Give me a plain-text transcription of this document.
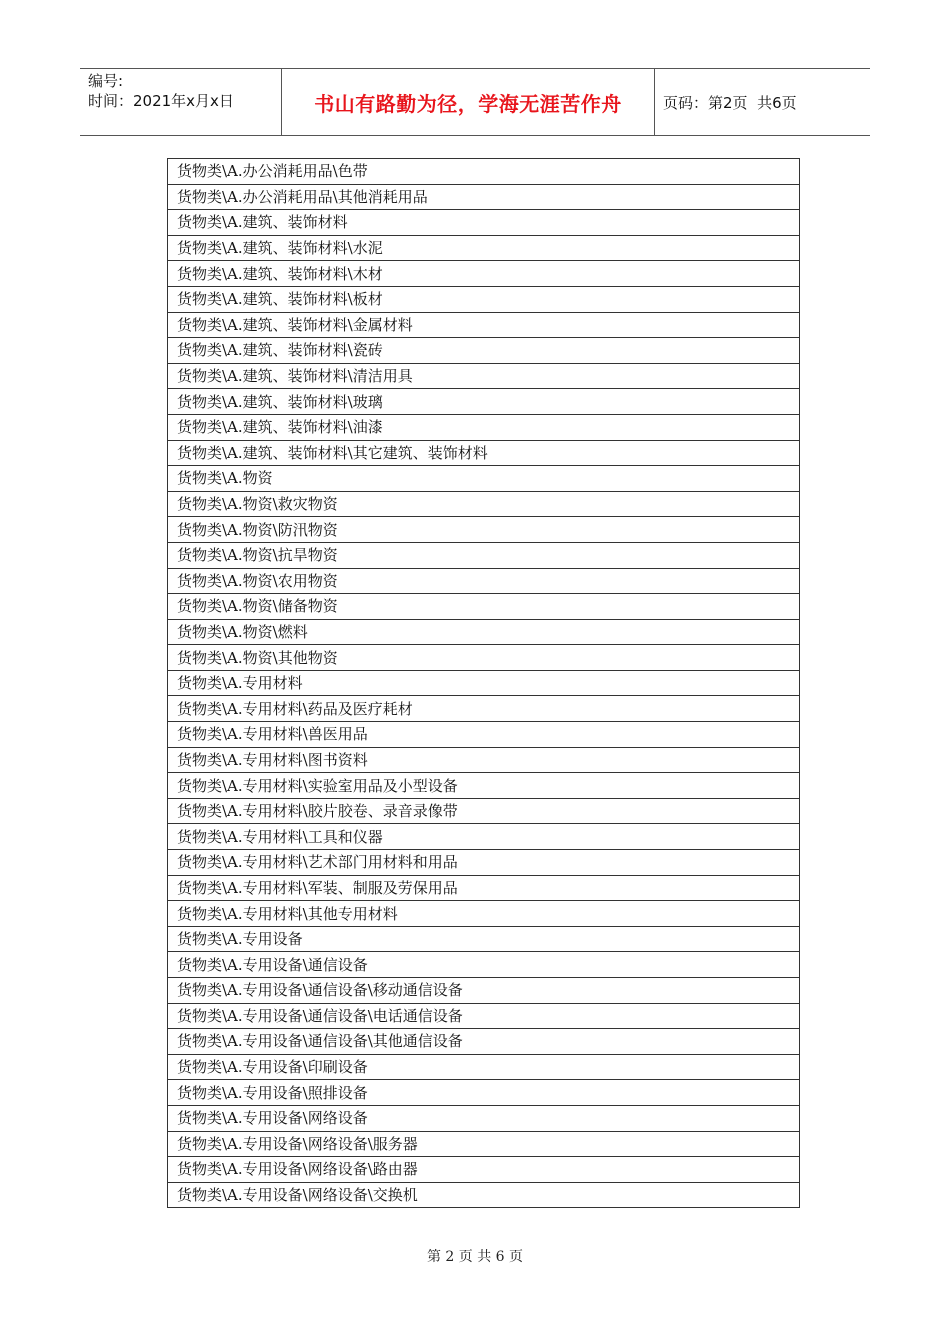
编号:
时间：2021年x月x日	书山有路勤为径，学海无涯苦作舟	页码：第2页  共6页
货物类\A.办公消耗用品\色带
货物类\A.办公消耗用品\其他消耗用品
货物类\A.建筑、装饰材料
货物类\A.建筑、装饰材料\水泥
货物类\A.建筑、装饰材料\木材
货物类\A.建筑、装饰材料\板材
货物类\A.建筑、装饰材料\金属材料
货物类\A.建筑、装饰材料\瓷砖
货物类\A.建筑、装饰材料\清洁用具
货物类\A.建筑、装饰材料\玻璃
货物类\A.建筑、装饰材料\油漆
货物类\A.建筑、装饰材料\其它建筑、装饰材料
货物类\A.物资
货物类\A.物资\救灾物资
货物类\A.物资\防汛物资
货物类\A.物资\抗旱物资
货物类\A.物资\农用物资
货物类\A.物资\储备物资
货物类\A.物资\燃料
货物类\A.物资\其他物资
货物类\A.专用材料
货物类\A.专用材料\药品及医疗耗材
货物类\A.专用材料\兽医用品
货物类\A.专用材料\图书资料
货物类\A.专用材料\实验室用品及小型设备
货物类\A.专用材料\胶片胶卷、录音录像带
货物类\A.专用材料\工具和仪器
货物类\A.专用材料\艺术部门用材料和用品
货物类\A.专用材料\军装、制服及劳保用品
货物类\A.专用材料\其他专用材料
货物类\A.专用设备
货物类\A.专用设备\通信设备
货物类\A.专用设备\通信设备\移动通信设备
货物类\A.专用设备\通信设备\电话通信设备
货物类\A.专用设备\通信设备\其他通信设备
货物类\A.专用设备\印刷设备
货物类\A.专用设备\照排设备
货物类\A.专用设备\网络设备
货物类\A.专用设备\网络设备\服务器
货物类\A.专用设备\网络设备\路由器
货物类\A.专用设备\网络设备\交换机
第 2 页 共 6 页
